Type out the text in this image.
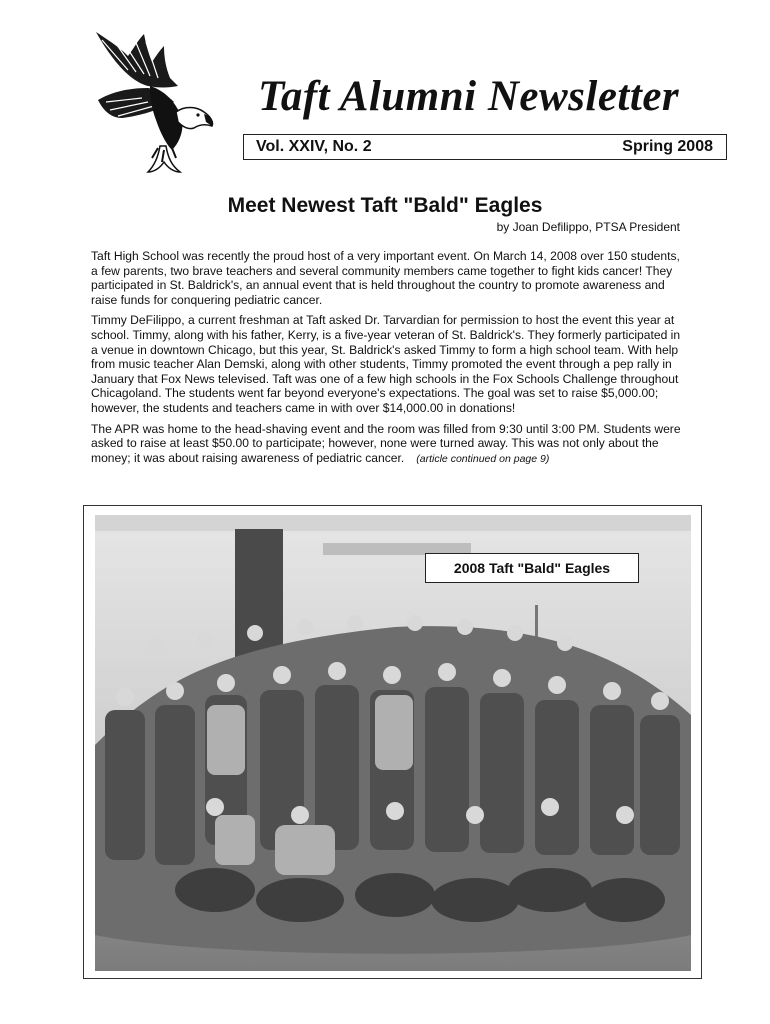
Taft Alumni Newsletter
Vol. XXIV, No. 2	Spring 2008
Meet Newest Taft "Bald" Eagles
by Joan Defilippo, PTSA President

Taft High School was recently the proud host of a very important event. On March 14, 2008 over 150 students, a few parents, two brave teachers and several community members came together to fight kids cancer! They participated in St. Baldrick's, an annual event that is held throughout the country to promote awareness and raise funds for conquering pediatric cancer.

Timmy DeFilippo, a current freshman at Taft asked Dr. Tarvardian for permission to host the event this year at school. Timmy, along with his father, Kerry, is a five-year veteran of St. Baldrick's. They formerly participated in a venue in downtown Chicago, but this year, St. Baldrick's asked Timmy to form a high school team. With help from music teacher Alan Demski, along with other students, Timmy promoted the event through a pep rally in January that Fox News televised. Taft was one of a few high schools in the Fox Schools Challenge throughout Chicagoland. The students went far beyond everyone's expectations. The goal was set to raise $5,000.00; however, the students and teachers came in with over $14,000.00 in donations!

The APR was home to the head-shaving event and the room was filled from 9:30 until 3:00 PM. Students were asked to raise at least $50.00 to participate; however, none were turned away. This was not only about the money; it was about raising awareness of pediatric cancer. (article continued on page 9)

2008 Taft "Bald" Eagles
